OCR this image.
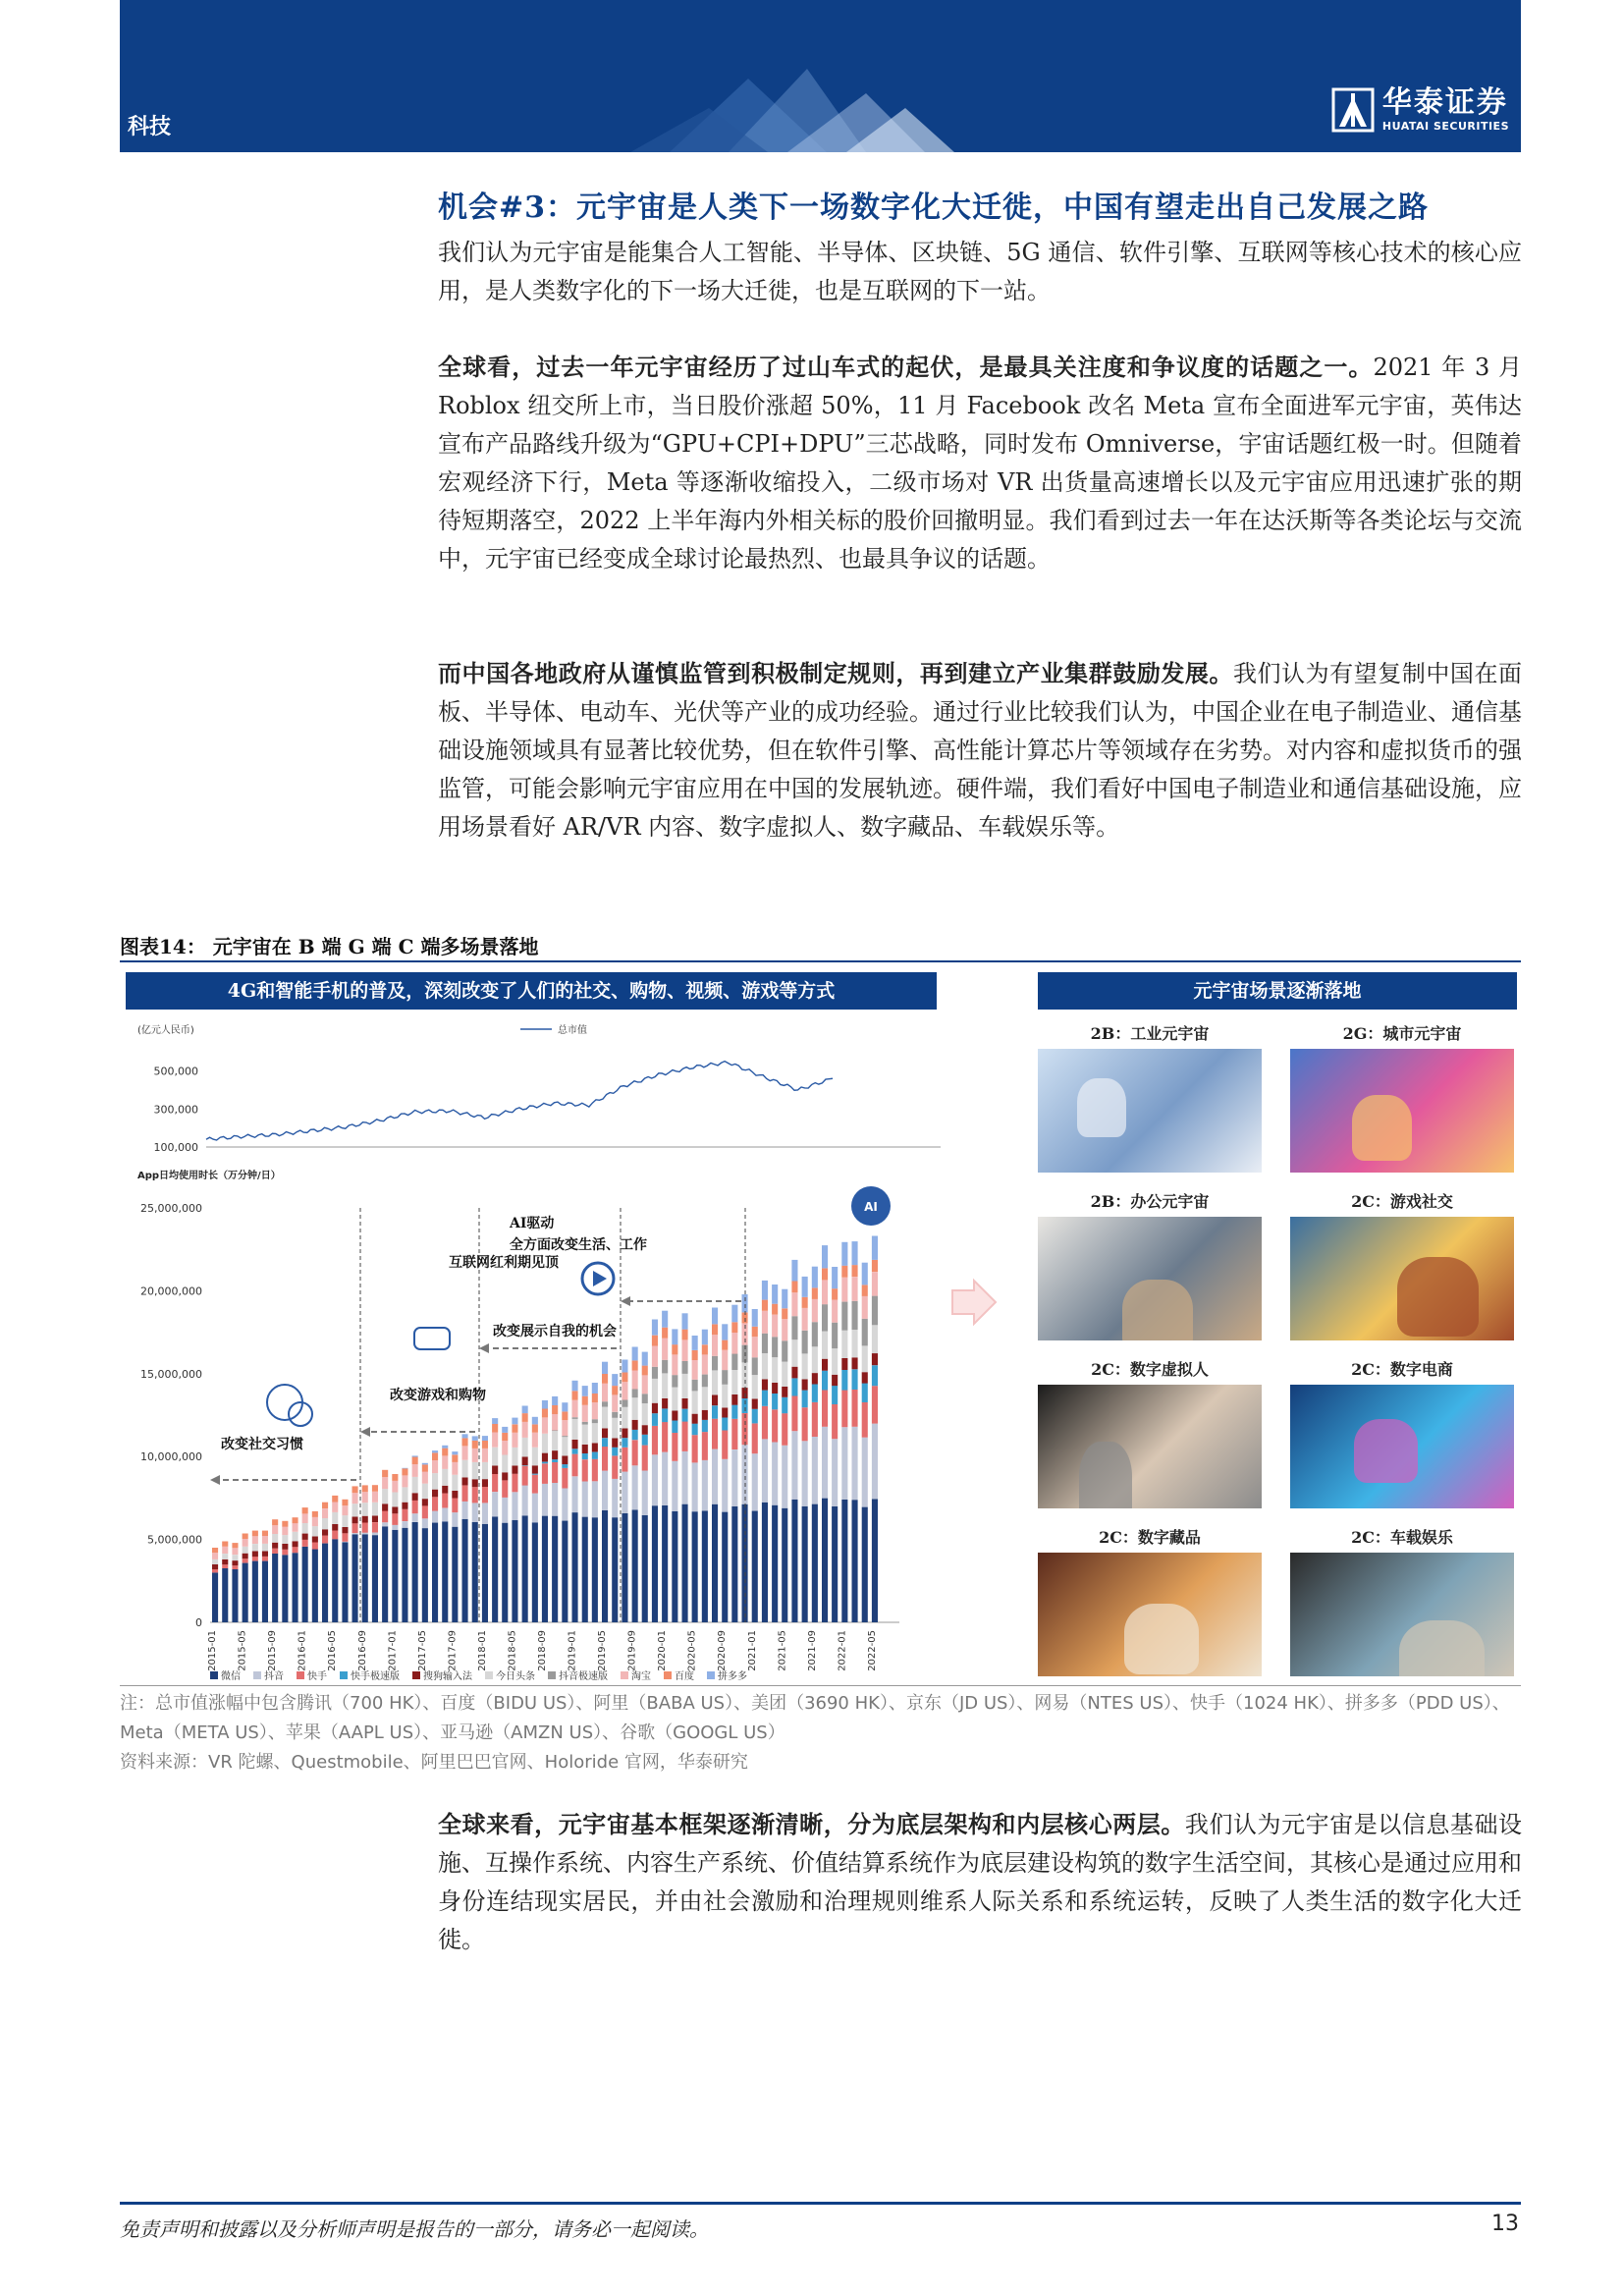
科技
华泰证券
HUATAI SECURITIES
机会#3：元宇宙是人类下一场数字化大迁徙，中国有望走出自己发展之路
我们认为元宇宙是能集合人工智能、半导体、区块链、5G 通信、软件引擎、互联网等核心技术的核心应用，是人类数字化的下一场大迁徙，也是互联网的下一站。
全球看，过去一年元宇宙经历了过山车式的起伏，是最具关注度和争议度的话题之一。2021 年 3 月 Roblox 纽交所上市，当日股价涨超 50%，11 月 Facebook 改名 Meta 宣布全面进军元宇宙，英伟达宣布产品路线升级为“GPU+CPI+DPU”三芯战略，同时发布 Omniverse，宇宙话题红极一时。但随着宏观经济下行，Meta 等逐渐收缩投入，二级市场对 VR 出货量高速增长以及元宇宙应用迅速扩张的期待短期落空，2022 上半年海内外相关标的股价回撤明显。我们看到过去一年在达沃斯等各类论坛与交流中，元宇宙已经变成全球讨论最热烈、也最具争议的话题。
而中国各地政府从谨慎监管到积极制定规则，再到建立产业集群鼓励发展。我们认为有望复制中国在面板、半导体、电动车、光伏等产业的成功经验。通过行业比较我们认为，中国企业在电子制造业、通信基础设施领域具有显著比较优势，但在软件引擎、高性能计算芯片等领域存在劣势。对内容和虚拟货币的强监管，可能会影响元宇宙应用在中国的发展轨迹。硬件端，我们看好中国电子制造业和通信基础设施，应用场景看好 AR/VR 内容、数字虚拟人、数字藏品、车载娱乐等。
图表14： 元宇宙在 B 端 G 端 C 端多场景落地
4G和智能手机的普及，深刻改变了人们的社交、购物、视频、游戏等方式	元宇宙场景逐渐落地
(亿元人民币)	总市值
500,000
300,000
100,000
App日均使用时长（万分钟/日）
25,000,000
20,000,000
15,000,000
10,000,000
5,000,000
0
2015-01 2015-05 2015-09 2016-01 2016-05 2016-09 2017-01 2017-05 2017-09 2018-01 2018-05 2018-09 2019-01 2019-05 2019-09 2020-01 2020-05 2020-09 2021-01 2021-05 2021-09 2022-01 2022-05
改变社交习惯
改变游戏和购物
改变展示自我的机会
互联网红利期见顶
AI驱动
全方面改变生活、工作
AI
微信 抖音 快手 快手极速版 搜狗输入法 今日头条 抖音极速版 淘宝 百度 拼多多
2B：工业元宇宙	2G：城市元宇宙
2B：办公元宇宙	2C：游戏社交
2C：数字虚拟人	2C：数字电商
2C：数字藏品	2C：车载娱乐
注：总市值涨幅中包含腾讯（700 HK）、百度（BIDU US）、阿里（BABA US）、美团（3690 HK）、京东（JD US）、网易（NTES US）、快手（1024 HK）、拼多多（PDD US）、Meta（META US）、苹果（AAPL US）、亚马逊（AMZN US）、谷歌（GOOGL US）
资料来源：VR 陀螺、Questmobile、阿里巴巴官网、Holoride 官网，华泰研究
全球来看，元宇宙基本框架逐渐清晰，分为底层架构和内层核心两层。我们认为元宇宙是以信息基础设施、互操作系统、内容生产系统、价值结算系统作为底层建设构筑的数字生活空间，其核心是通过应用和身份连结现实居民，并由社会激励和治理规则维系人际关系和系统运转，反映了人类生活的数字化大迁徙。
免责声明和披露以及分析师声明是报告的一部分，请务必一起阅读。	13
